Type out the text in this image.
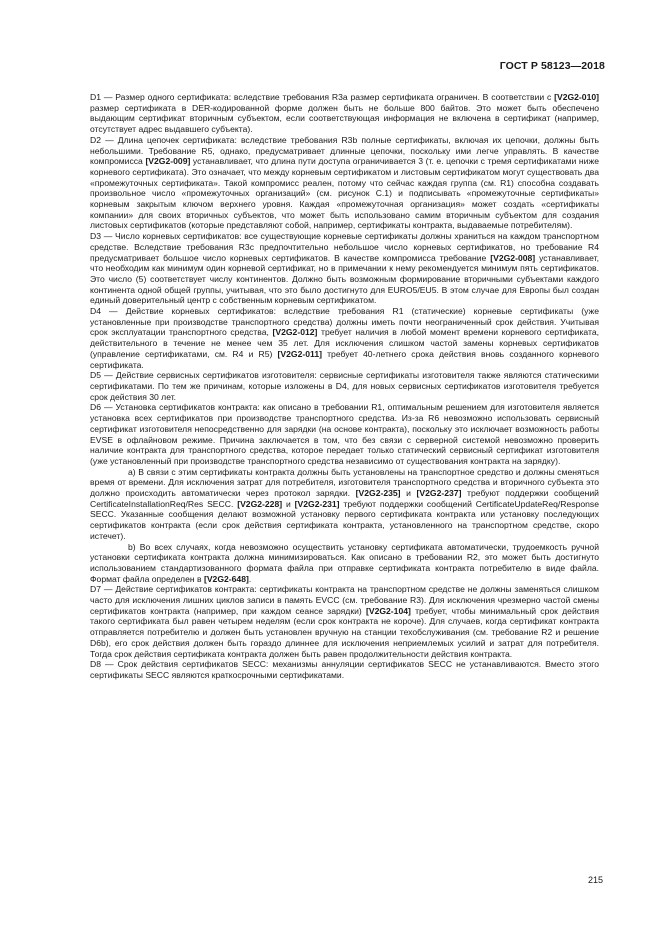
ГОСТ Р 58123—2018

D1 — Размер одного сертификата: вследствие требования R3a размер сертификата ограничен. В соответствии с [V2G2-010] размер сертификата в DER-кодированной форме должен быть не больше 800 байтов. Это может быть обеспечено выдающим сертификат вторичным субъектом, если соответствующая информация не включена в сертификат (например, отсутствует адрес выдавшего субъекта).

D2 — Длина цепочек сертификата: вследствие требования R3b полные сертификаты, включая их цепочки, должны быть небольшими. Требование R5, однако, предусматривает длинные цепочки, поскольку ими легче управлять. В качестве компромисса [V2G2-009] устанавливает, что длина пути доступа ограничивается 3 (т. е. цепочки с тремя сертификатами ниже корневого сертификата). Это означает, что между корневым сертификатом и листовым сертификатом могут существовать два «промежуточных сертификата». Такой компромисс реален, потому что сейчас каждая группа (см. R1) способна создавать произвольное число «промежуточных организаций» (см. рисунок С.1) и подписывать «промежуточные сертификаты» корневым закрытым ключом верхнего уровня. Каждая «промежуточная организация» может создать «сертификаты компании» для своих вторичных субъектов, что может быть использовано самим вторичным субъектом для создания листовых сертификатов (которые представляют собой, например, сертификаты контракта, выдаваемые потребителям).

D3 — Число корневых сертификатов: все существующие корневые сертификаты должны храниться на каждом транспортном средстве. Вследствие требования R3c предпочтительно небольшое число корневых сертификатов, но требование R4 предусматривает большое число корневых сертификатов. В качестве компромисса требование [V2G2-008] устанавливает, что необходим как минимум один корневой сертификат, но в примечании к нему рекомендуется минимум пять сертификатов. Это число (5) соответствует числу континентов. Должно быть возможным формирование вторичными субъектами каждого континента одной общей группы, учитывая, что это было достигнуто для EURO5/EU5. В этом случае для Европы был создан единый доверительный центр с собственным корневым сертификатом.

D4 — Действие корневых сертификатов: вследствие требования R1 (статические) корневые сертификаты (уже установленные при производстве транспортного средства) должны иметь почти неограниченный срок действия. Учитывая срок эксплуатации транспортного средства, [V2G2-012] требует наличия в любой момент времени корневого сертификата, действительного в течение не менее чем 35 лет. Для исключения слишком частой замены корневых сертификатов (управление сертификатами, см. R4 и R5) [V2G2-011] требует 40-летнего срока действия вновь созданного корневого сертификата.

D5 — Действие сервисных сертификатов изготовителя: сервисные сертификаты изготовителя также являются статическими сертификатами. По тем же причинам, которые изложены в D4, для новых сервисных сертификатов изготовителя требуется срок действия 30 лет.

D6 — Установка сертификатов контракта: как описано в требовании R1, оптимальным решением для изготовителя является установка всех сертификатов при производстве транспортного средства. Из-за R6 невозможно использовать сервисный сертификат изготовителя непосредственно для зарядки (на основе контракта), поскольку это исключает возможность работы EVSE в офлайновом режиме. Причина заключается в том, что без связи с серверной системой невозможно проверить наличие контракта для транспортного средства, которое передает только статический сервисный сертификат изготовителя (уже установленный при производстве транспортного средства независимо от существования контракта на зарядку).

a) В связи с этим сертификаты контракта должны быть установлены на транспортное средство и должны сменяться время от времени. Для исключения затрат для потребителя, изготовителя транспортного средства и вторичного субъекта это должно происходить автоматически через протокол зарядки. [V2G2-235] и [V2G2-237] требуют поддержки сообщений CertificateInstallationReq/Res SECC. [V2G2-228] и [V2G2-231] требуют поддержки сообщений CertificateUpdateReq/Response SECC. Указанные сообщения делают возможной установку первого сертификата контракта или установку последующих сертификатов контракта (если срок действия сертификата контракта, установленного на транспортном средстве, скоро истечет).

b) Во всех случаях, когда невозможно осуществить установку сертификата автоматически, трудоемкость ручной установки сертификата контракта должна минимизироваться. Как описано в требовании R2, это может быть достигнуто использованием стандартизованного формата файла при отправке сертификата контракта потребителю в виде файла. Формат файла определен в [V2G2-648].

D7 — Действие сертификатов контракта: сертификаты контракта на транспортном средстве не должны заменяться слишком часто для исключения лишних циклов записи в память EVCC (см. требование R3). Для исключения чрезмерно частой смены сертификатов контракта (например, при каждом сеансе зарядки) [V2G2-104] требует, чтобы минимальный срок действия такого сертификата был равен четырем неделям (если срок контракта не короче). Для случаев, когда сертификат контракта отправляется потребителю и должен быть установлен вручную на станции техобслуживания (см. требование R2 и решение D6b), его срок действия должен быть гораздо длиннее для исключения неприемлемых усилий и затрат для потребителя. Тогда срок действия сертификата контракта должен быть равен продолжительности действия контракта.

D8 — Срок действия сертификатов SECC: механизмы аннуляции сертификатов SECC не устанавливаются. Вместо этого сертификаты SECC являются краткосрочными сертификатами.

215
